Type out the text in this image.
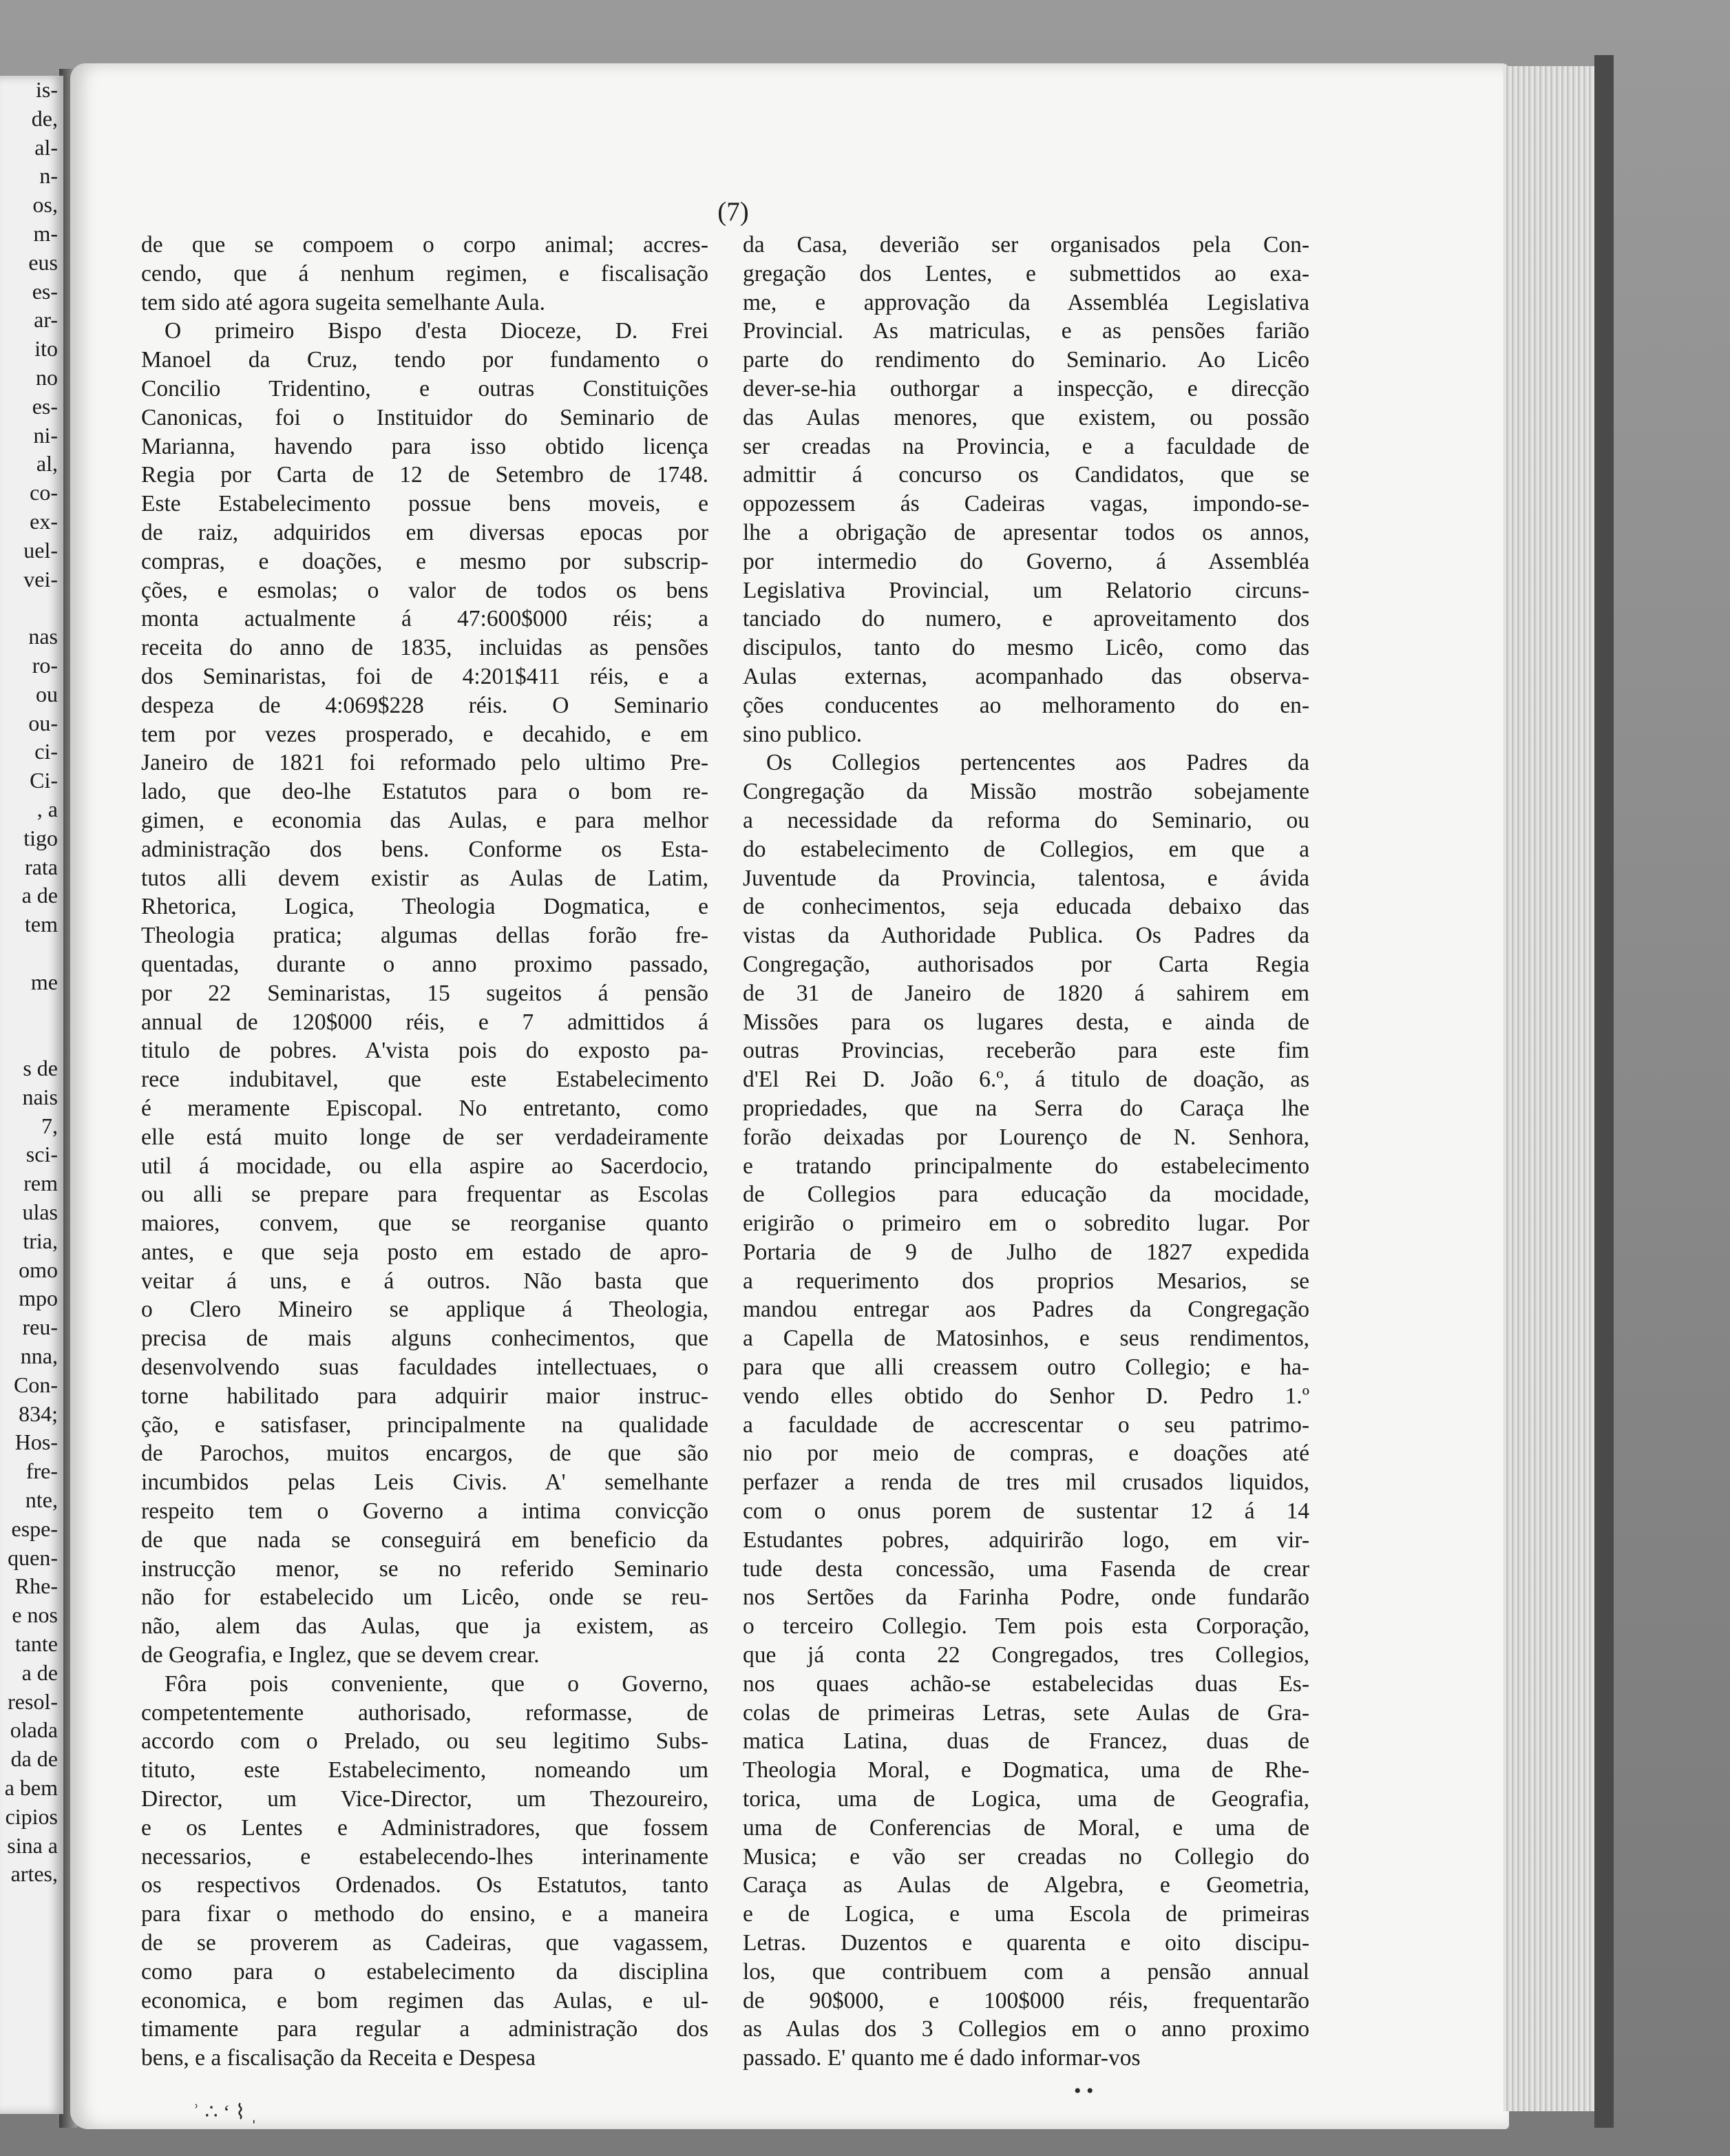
is-
de,
al-
n-
os,
m-
eus
es-
ar-
ito
no
es-
ni-
al,
co-
ex-
uel-
vei-
nas
ro-
ou
ou-
ci-
Ci-
, a
tigo
rata
a de
tem
me
s de
nais
7,
sci-
rem
ulas
tria,
omo
mpo
reu-
nna,
Con-
834;
Hos-
fre-
nte,
espe-
quen-
Rhe-
e nos
tante
a de
resol-
olada
da de
a bem
cipios
sina a
artes,
(7)
de que se compoem o corpo animal; accres-
cendo, que á nenhum regimen, e fiscalisação
tem sido até agora sugeita semelhante Aula.
O primeiro Bispo d'esta Dioceze, D. Frei
Manoel da Cruz, tendo por fundamento o
Concilio Tridentino, e outras Constituições
Canonicas, foi o Instituidor do Seminario de
Marianna, havendo para isso obtido licença
Regia por Carta de 12 de Setembro de 1748.
Este Estabelecimento possue bens moveis, e
de raiz, adquiridos em diversas epocas por
compras, e doações, e mesmo por subscrip-
ções, e esmolas; o valor de todos os bens
monta actualmente á 47:600$000 réis; a
receita do anno de 1835, incluidas as pensões
dos Seminaristas, foi de 4:201$411 réis, e a
despeza de 4:069$228 réis. O Seminario
tem por vezes prosperado, e decahido, e em
Janeiro de 1821 foi reformado pelo ultimo Pre-
lado, que deo-lhe Estatutos para o bom re-
gimen, e economia das Aulas, e para melhor
administração dos bens. Conforme os Esta-
tutos alli devem existir as Aulas de Latim,
Rhetorica, Logica, Theologia Dogmatica, e
Theologia pratica; algumas dellas forão fre-
quentadas, durante o anno proximo passado,
por 22 Seminaristas, 15 sugeitos á pensão
annual de 120$000 réis, e 7 admittidos á
titulo de pobres. A'vista pois do exposto pa-
rece indubitavel, que este Estabelecimento
é meramente Episcopal. No entretanto, como
elle está muito longe de ser verdadeiramente
util á mocidade, ou ella aspire ao Sacerdocio,
ou alli se prepare para frequentar as Escolas
maiores, convem, que se reorganise quanto
antes, e que seja posto em estado de apro-
veitar á uns, e á outros. Não basta que
o Clero Mineiro se applique á Theologia,
precisa de mais alguns conhecimentos, que
desenvolvendo suas faculdades intellectuaes, o
torne habilitado para adquirir maior instruc-
ção, e satisfaser, principalmente na qualidade
de Parochos, muitos encargos, de que são
incumbidos pelas Leis Civis. A' semelhante
respeito tem o Governo a intima convicção
de que nada se conseguirá em beneficio da
instrucção menor, se no referido Seminario
não for estabelecido um Licêo, onde se reu-
não, alem das Aulas, que ja existem, as
de Geografia, e Inglez, que se devem crear.
Fôra pois conveniente, que o Governo,
competentemente authorisado, reformasse, de
accordo com o Prelado, ou seu legitimo Subs-
tituto, este Estabelecimento, nomeando um
Director, um Vice-Director, um Thezoureiro,
e os Lentes e Administradores, que fossem
necessarios, e estabelecendo-lhes interinamente
os respectivos Ordenados. Os Estatutos, tanto
para fixar o methodo do ensino, e a maneira
de se proverem as Cadeiras, que vagassem,
como para o estabelecimento da disciplina
economica, e bom regimen das Aulas, e ul-
timamente para regular a administração dos
bens, e a fiscalisação da Receita e Despesa
da Casa, deverião ser organisados pela Con-
gregação dos Lentes, e submettidos ao exa-
me, e approvação da Assembléa Legislativa
Provincial. As matriculas, e as pensões farião
parte do rendimento do Seminario. Ao Licêo
dever-se-hia outhorgar a inspecção, e direcção
das Aulas menores, que existem, ou possão
ser creadas na Provincia, e a faculdade de
admittir á concurso os Candidatos, que se
oppozessem ás Cadeiras vagas, impondo-se-
lhe a obrigação de apresentar todos os annos,
por intermedio do Governo, á Assembléa
Legislativa Provincial, um Relatorio circuns-
tanciado do numero, e aproveitamento dos
discipulos, tanto do mesmo Licêo, como das
Aulas externas, acompanhado das observa-
ções conducentes ao melhoramento do en-
sino publico.
Os Collegios pertencentes aos Padres da
Congregação da Missão mostrão sobejamente
a necessidade da reforma do Seminario, ou
do estabelecimento de Collegios, em que a
Juventude da Provincia, talentosa, e ávida
de conhecimentos, seja educada debaixo das
vistas da Authoridade Publica. Os Padres da
Congregação, authorisados por Carta Regia
de 31 de Janeiro de 1820 á sahirem em
Missões para os lugares desta, e ainda de
outras Provincias, receberão para este fim
d'El Rei D. João 6.º, á titulo de doação, as
propriedades, que na Serra do Caraça lhe
forão deixadas por Lourenço de N. Senhora,
e tratando principalmente do estabelecimento
de Collegios para educação da mocidade,
erigirão o primeiro em o sobredito lugar. Por
Portaria de 9 de Julho de 1827 expedida
a requerimento dos proprios Mesarios, se
mandou entregar aos Padres da Congregação
a Capella de Matosinhos, e seus rendimentos,
para que alli creassem outro Collegio; e ha-
vendo elles obtido do Senhor D. Pedro 1.º
a faculdade de accrescentar o seu patrimo-
nio por meio de compras, e doações até
perfazer a renda de tres mil crusados liquidos,
com o onus porem de sustentar 12 á 14
Estudantes pobres, adquirirão logo, em vir-
tude desta concessão, uma Fasenda de crear
nos Sertões da Farinha Podre, onde fundarão
o terceiro Collegio. Tem pois esta Corporação,
que já conta 22 Congregados, tres Collegios,
nos quaes achão-se estabelecidas duas Es-
colas de primeiras Letras, sete Aulas de Gra-
matica Latina, duas de Francez, duas de
Theologia Moral, e Dogmatica, uma de Rhe-
torica, uma de Logica, uma de Geografia,
uma de Conferencias de Moral, e uma de
Musica; e vão ser creadas no Collegio do
Caraça as Aulas de Algebra, e Geometria,
e de Logica, e uma Escola de primeiras
Letras. Duzentos e quarenta e oito discipu-
los, que contribuem com a pensão annual
de 90$000, e 100$000 réis, frequentarão
as Aulas dos 3 Collegios em o anno proximo
passado. E' quanto me é dado informar-vos
ʾ ∴ ʻ ⌇ ˌ
• •
